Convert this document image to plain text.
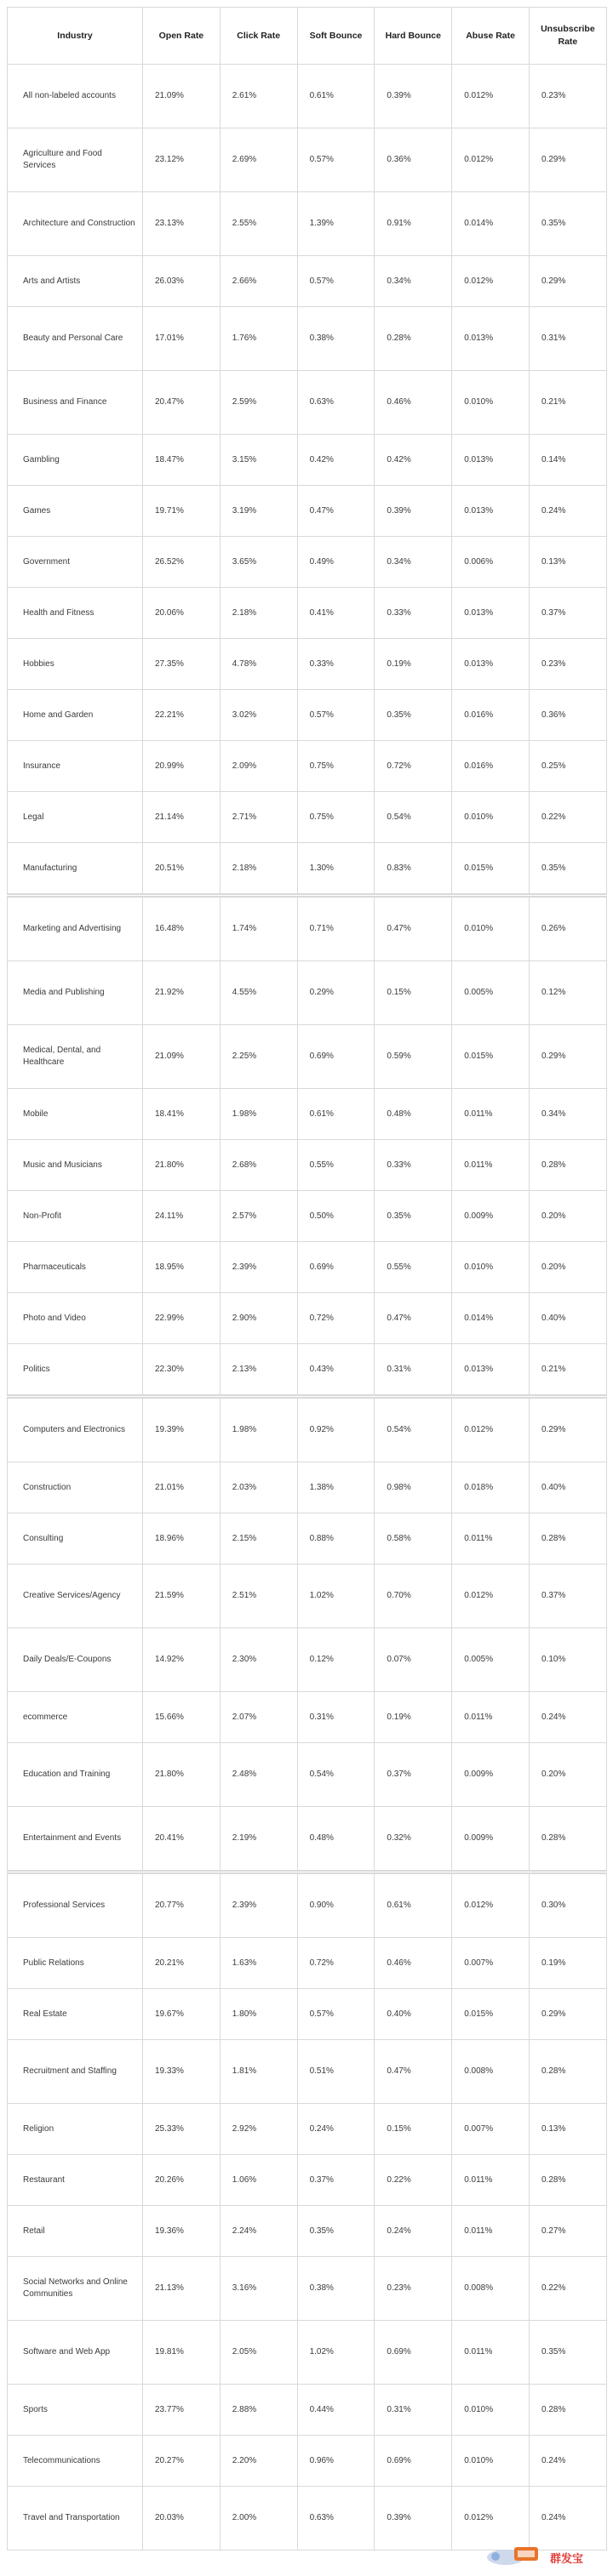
Industry	Open Rate	Click Rate	Soft Bounce	Hard Bounce	Abuse Rate	Unsubscribe Rate
All non-labeled accounts	21.09%	2.61%	0.61%	0.39%	0.012%	0.23%
Agriculture and Food Services	23.12%	2.69%	0.57%	0.36%	0.012%	0.29%
Architecture and Construction	23.13%	2.55%	1.39%	0.91%	0.014%	0.35%
Arts and Artists	26.03%	2.66%	0.57%	0.34%	0.012%	0.29%
Beauty and Personal Care	17.01%	1.76%	0.38%	0.28%	0.013%	0.31%
Business and Finance	20.47%	2.59%	0.63%	0.46%	0.010%	0.21%
Gambling	18.47%	3.15%	0.42%	0.42%	0.013%	0.14%
Games	19.71%	3.19%	0.47%	0.39%	0.013%	0.24%
Government	26.52%	3.65%	0.49%	0.34%	0.006%	0.13%
Health and Fitness	20.06%	2.18%	0.41%	0.33%	0.013%	0.37%
Hobbies	27.35%	4.78%	0.33%	0.19%	0.013%	0.23%
Home and Garden	22.21%	3.02%	0.57%	0.35%	0.016%	0.36%
Insurance	20.99%	2.09%	0.75%	0.72%	0.016%	0.25%
Legal	21.14%	2.71%	0.75%	0.54%	0.010%	0.22%
Manufacturing	20.51%	2.18%	1.30%	0.83%	0.015%	0.35%
Marketing and Advertising	16.48%	1.74%	0.71%	0.47%	0.010%	0.26%
Media and Publishing	21.92%	4.55%	0.29%	0.15%	0.005%	0.12%
Medical, Dental, and Healthcare	21.09%	2.25%	0.69%	0.59%	0.015%	0.29%
Mobile	18.41%	1.98%	0.61%	0.48%	0.011%	0.34%
Music and Musicians	21.80%	2.68%	0.55%	0.33%	0.011%	0.28%
Non-Profit	24.11%	2.57%	0.50%	0.35%	0.009%	0.20%
Pharmaceuticals	18.95%	2.39%	0.69%	0.55%	0.010%	0.20%
Photo and Video	22.99%	2.90%	0.72%	0.47%	0.014%	0.40%
Politics	22.30%	2.13%	0.43%	0.31%	0.013%	0.21%
Computers and Electronics	19.39%	1.98%	0.92%	0.54%	0.012%	0.29%
Construction	21.01%	2.03%	1.38%	0.98%	0.018%	0.40%
Consulting	18.96%	2.15%	0.88%	0.58%	0.011%	0.28%
Creative Services/Agency	21.59%	2.51%	1.02%	0.70%	0.012%	0.37%
Daily Deals/E-Coupons	14.92%	2.30%	0.12%	0.07%	0.005%	0.10%
ecommerce	15.66%	2.07%	0.31%	0.19%	0.011%	0.24%
Education and Training	21.80%	2.48%	0.54%	0.37%	0.009%	0.20%
Entertainment and Events	20.41%	2.19%	0.48%	0.32%	0.009%	0.28%
Professional Services	20.77%	2.39%	0.90%	0.61%	0.012%	0.30%
Public Relations	20.21%	1.63%	0.72%	0.46%	0.007%	0.19%
Real Estate	19.67%	1.80%	0.57%	0.40%	0.015%	0.29%
Recruitment and Staffing	19.33%	1.81%	0.51%	0.47%	0.008%	0.28%
Religion	25.33%	2.92%	0.24%	0.15%	0.007%	0.13%
Restaurant	20.26%	1.06%	0.37%	0.22%	0.011%	0.28%
Retail	19.36%	2.24%	0.35%	0.24%	0.011%	0.27%
Social Networks and Online Communities	21.13%	3.16%	0.38%	0.23%	0.008%	0.22%
Software and Web App	19.81%	2.05%	1.02%	0.69%	0.011%	0.35%
Sports	23.77%	2.88%	0.44%	0.31%	0.010%	0.28%
Telecommunications	20.27%	2.20%	0.96%	0.69%	0.010%	0.24%
Travel and Transportation	20.03%	2.00%	0.63%	0.39%	0.012%	0.24%
群发宝
